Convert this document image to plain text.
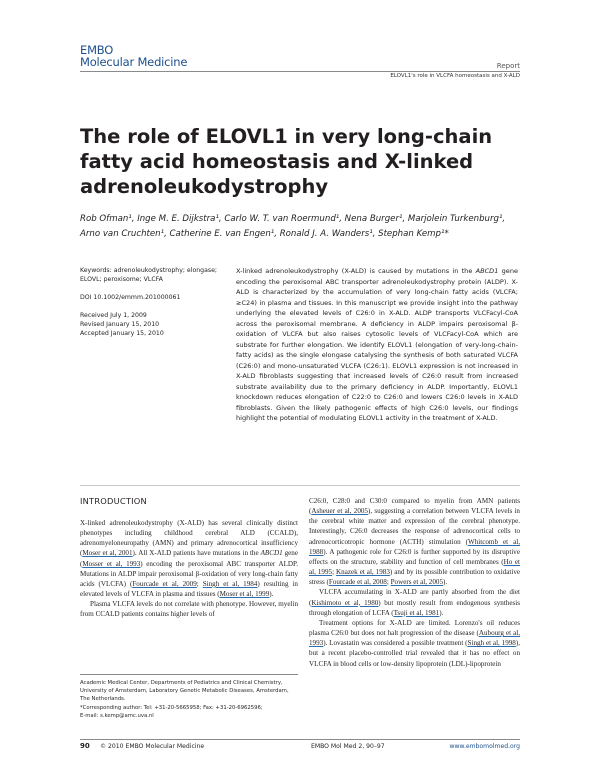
EMBO
Molecular Medicine	Report
ELOVL1's role in VLCFA homeostasis and X-ALD
The role of ELOVL1 in very long-chain fatty acid homeostasis and X-linked adrenoleukodystrophy
Rob Ofman¹, Inge M. E. Dijkstra¹, Carlo W. T. van Roermund¹, Nena Burger¹, Marjolein Turkenburg¹,
Arno van Cruchten¹, Catherine E. van Engen¹, Ronald J. A. Wanders¹, Stephan Kemp¹*
Keywords: adrenoleukodystrophy; elongase; ELOVL; peroxisome; VLCFA
DOI 10.1002/emmm.201000061
Received July 1, 2009
Revised January 15, 2010
Accepted January 15, 2010
X-linked adrenoleukodystrophy (X-ALD) is caused by mutations in the ABCD1 gene encoding the peroxisomal ABC transporter adrenoleukodystrophy protein (ALDP). X-ALD is characterized by the accumulation of very long-chain fatty acids (VLCFA; ≥C24) in plasma and tissues. In this manuscript we provide insight into the pathway underlying the elevated levels of C26:0 in X-ALD. ALDP transports VLCFacyl-CoA across the peroxisomal membrane. A deficiency in ALDP impairs peroxisomal β-oxidation of VLCFA but also raises cytosolic levels of VLCFacyl-CoA which are substrate for further elongation. We identify ELOVL1 (elongation of very-long-chain-fatty acids) as the single elongase catalysing the synthesis of both saturated VLCFA (C26:0) and mono-unsaturated VLCFA (C26:1). ELOVL1 expression is not increased in X-ALD fibroblasts suggesting that increased levels of C26:0 result from increased substrate availability due to the primary deficiency in ALDP. Importantly, ELOVL1 knockdown reduces elongation of C22:0 to C26:0 and lowers C26:0 levels in X-ALD fibroblasts. Given the likely pathogenic effects of high C26:0 levels, our findings highlight the potential of modulating ELOVL1 activity in the treatment of X-ALD.
INTRODUCTION

X-linked adrenoleukodystrophy (X-ALD) has several clinically distinct phenotypes including childhood cerebral ALD (CCALD), adrenomyeloneuropathy (AMN) and primary adrenocortical insufficiency (Moser et al, 2001). All X-ALD patients have mutations in the ABCD1 gene (Mosser et al, 1993) encoding the peroxisomal ABC transporter ALDP. Mutations in ALDP impair peroxisomal β-oxidation of very long-chain fatty acids (VLCFA) (Fourcade et al, 2009; Singh et al, 1984) resulting in elevated levels of VLCFA in plasma and tissues (Moser et al, 1999).

Plasma VLCFA levels do not correlate with phenotype. However, myelin from CCALD patients contains higher levels of

C26:0, C28:0 and C30:0 compared to myelin from AMN patients (Asheuer et al, 2005), suggesting a correlation between VLCFA levels in the cerebral white matter and expression of the cerebral phenotype. Interestingly, C26:0 decreases the response of adrenocortical cells to adrenocorticotropic hormone (ACTH) stimulation (Whitcomb et al, 1988). A pathogenic role for C26:0 is further supported by its disruptive effects on the structure, stability and function of cell membranes (Ho et al, 1995; Knazek et al, 1983) and by its possible contribution to oxidative stress (Fourcade et al, 2008; Powers et al, 2005).

VLCFA accumulating in X-ALD are partly absorbed from the diet (Kishimoto et al, 1980) but mostly result from endogenous synthesis through elongation of LCFA (Tsuji et al, 1981).

Treatment options for X-ALD are limited. Lorenzo's oil reduces plasma C26:0 but does not halt progression of the disease (Aubourg et al, 1993). Lovastatin was considered a possible treatment (Singh et al, 1998), but a recent placebo-controlled trial revealed that it has no effect on VLCFA in blood cells or low-density lipoprotein (LDL)-lipoprotein

Academic Medical Center, Departments of Pediatrics and Clinical Chemistry, University of Amsterdam, Laboratory Genetic Metabolic Diseases, Amsterdam, The Netherlands.
*Corresponding author: Tel: +31-20-5665958; Fax: +31-20-6962596;
E-mail: s.kemp@amc.uva.nl
90 © 2010 EMBO Molecular Medicine	EMBO Mol Med 2, 90–97	www.embomolmed.org
